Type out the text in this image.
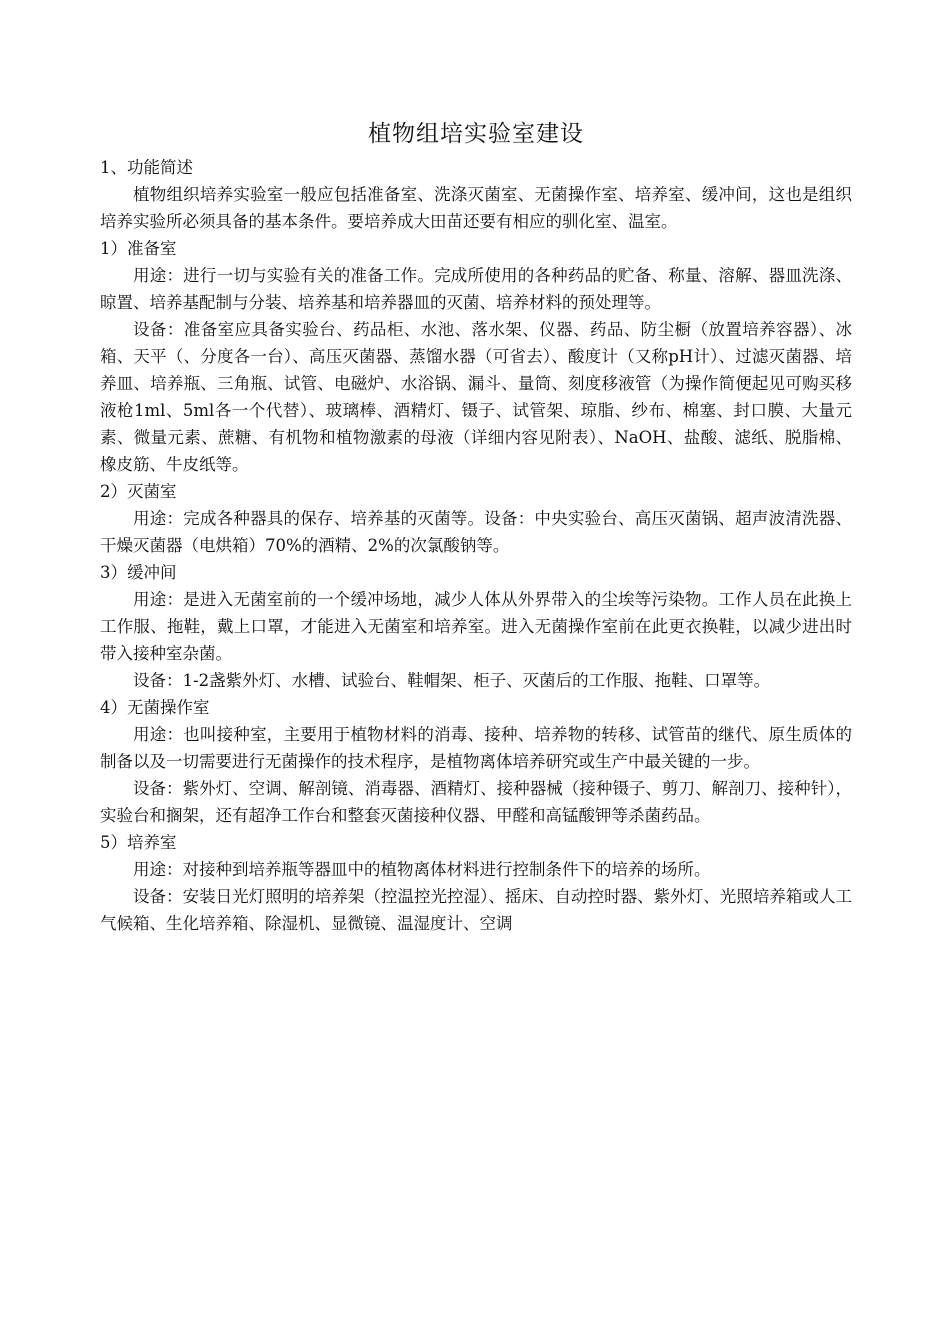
植物组培实验室建设

1、功能简述

植物组织培养实验室一般应包括准备室、洗涤灭菌室、无菌操作室、培养室、缓冲间，这也是组织培养实验所必须具备的基本条件。要培养成大田苗还要有相应的驯化室、温室。

1）准备室

用途：进行一切与实验有关的准备工作。完成所使用的各种药品的贮备、称量、溶解、器皿洗涤、晾置、培养基配制与分装、培养基和培养器皿的灭菌、培养材料的预处理等。

设备：准备室应具备实验台、药品柜、水池、落水架、仪器、药品、防尘橱（放置培养容器）、冰箱、天平（、分度各一台）、高压灭菌器、蒸馏水器（可省去）、酸度计（又称pH计）、过滤灭菌器、培养皿、培养瓶、三角瓶、试管、电磁炉、水浴锅、漏斗、量筒、刻度移液管（为操作简便起见可购买移液枪1ml、5ml各一个代替）、玻璃棒、酒精灯、镊子、试管架、琼脂、纱布、棉塞、封口膜、大量元素、微量元素、蔗糖、有机物和植物激素的母液（详细内容见附表）、NaOH、盐酸、滤纸、脱脂棉、橡皮筋、牛皮纸等。

2）灭菌室

用途：完成各种器具的保存、培养基的灭菌等。设备：中央实验台、高压灭菌锅、超声波清洗器、干燥灭菌器（电烘箱）70%的酒精、2%的次氯酸钠等。

3）缓冲间

用途：是进入无菌室前的一个缓冲场地，减少人体从外界带入的尘埃等污染物。工作人员在此换上工作服、拖鞋，戴上口罩，才能进入无菌室和培养室。进入无菌操作室前在此更衣换鞋，以减少进出时带入接种室杂菌。

设备：1-2盏紫外灯、水槽、试验台、鞋帽架、柜子、灭菌后的工作服、拖鞋、口罩等。

4）无菌操作室

用途：也叫接种室，主要用于植物材料的消毒、接种、培养物的转移、试管苗的继代、原生质体的制备以及一切需要进行无菌操作的技术程序，是植物离体培养研究或生产中最关键的一步。

设备：紫外灯、空调、解剖镜、消毒器、酒精灯、接种器械（接种镊子、剪刀、解剖刀、接种针），实验台和搁架，还有超净工作台和整套灭菌接种仪器、甲醛和高锰酸钾等杀菌药品。

5）培养室

用途：对接种到培养瓶等器皿中的植物离体材料进行控制条件下的培养的场所。

设备：安装日光灯照明的培养架（控温控光控湿）、摇床、自动控时器、紫外灯、光照培养箱或人工气候箱、生化培养箱、除湿机、显微镜、温湿度计、空调
